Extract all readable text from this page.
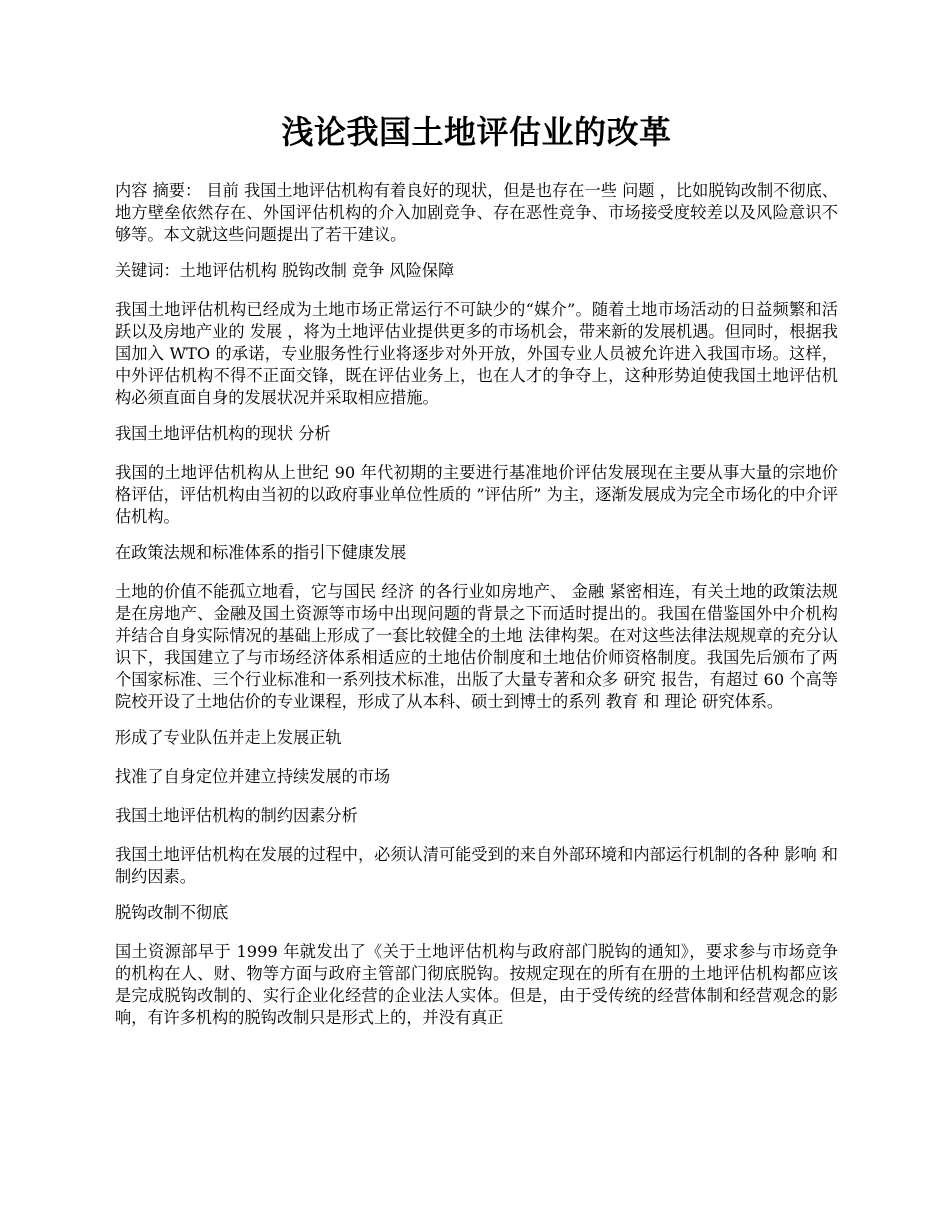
浅论我国土地评估业的改革

内容 摘要： 目前 我国土地评估机构有着良好的现状，但是也存在一些 问题 ，比如脱钩改制不彻底、地方壁垒依然存在、外国评估机构的介入加剧竞争、存在恶性竞争、市场接受度较差以及风险意识不够等。本文就这些问题提出了若干建议。

关键词：土地评估机构 脱钩改制 竞争 风险保障

我国土地评估机构已经成为土地市场正常运行不可缺少的“媒介”。随着土地市场活动的日益频繁和活跃以及房地产业的 发展 ，将为土地评估业提供更多的市场机会，带来新的发展机遇。但同时，根据我国加入 WTO 的承诺，专业服务性行业将逐步对外开放，外国专业人员被允许进入我国市场。这样，中外评估机构不得不正面交锋，既在评估业务上，也在人才的争夺上，这种形势迫使我国土地评估机构必须直面自身的发展状况并采取相应措施。

我国土地评估机构的现状 分析

我国的土地评估机构从上世纪 90 年代初期的主要进行基准地价评估发展现在主要从事大量的宗地价格评估，评估机构由当初的以政府事业单位性质的 ”评估所” 为主，逐渐发展成为完全市场化的中介评估机构。

在政策法规和标准体系的指引下健康发展

土地的价值不能孤立地看，它与国民 经济 的各行业如房地产、 金融 紧密相连，有关土地的政策法规是在房地产、金融及国土资源等市场中出现问题的背景之下而适时提出的。我国在借鉴国外中介机构并结合自身实际情况的基础上形成了一套比较健全的土地 法律构架。在对这些法律法规规章的充分认识下，我国建立了与市场经济体系相适应的土地估价制度和土地估价师资格制度。我国先后颁布了两个国家标准、三个行业标准和一系列技术标准，出版了大量专著和众多 研究 报告，有超过 60 个高等院校开设了土地估价的专业课程，形成了从本科、硕士到博士的系列 教育 和 理论 研究体系。

形成了专业队伍并走上发展正轨

找准了自身定位并建立持续发展的市场

我国土地评估机构的制约因素分析

我国土地评估机构在发展的过程中，必须认清可能受到的来自外部环境和内部运行机制的各种 影响 和制约因素。

脱钩改制不彻底

国土资源部早于 1999 年就发出了《关于土地评估机构与政府部门脱钩的通知》，要求参与市场竞争的机构在人、财、物等方面与政府主管部门彻底脱钩。按规定现在的所有在册的土地评估机构都应该是完成脱钩改制的、实行企业化经营的企业法人实体。但是，由于受传统的经营体制和经营观念的影响，有许多机构的脱钩改制只是形式上的，并没有真正
